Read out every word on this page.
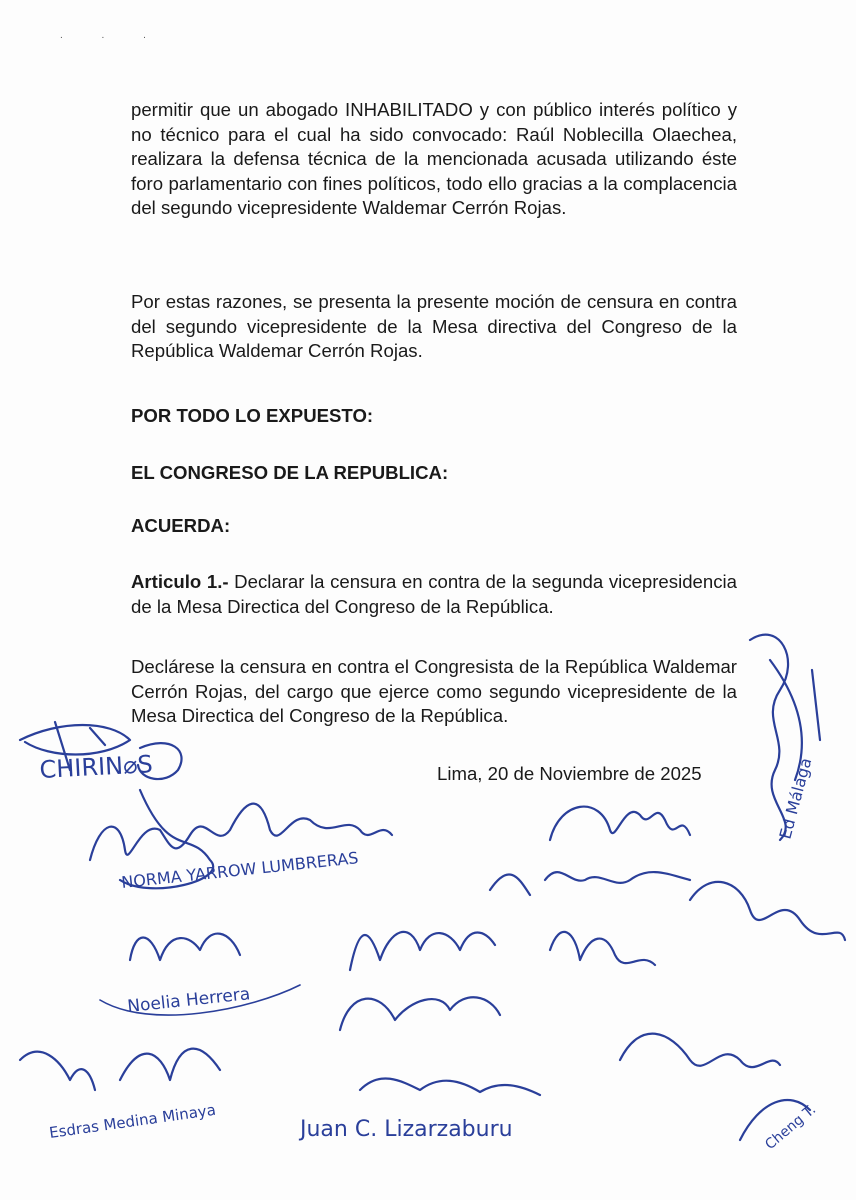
. . .
permitir que un abogado INHABILITADO y con público interés político y no técnico para el cual ha sido convocado: Raúl Noblecilla Olaechea, realizara la defensa técnica de la mencionada acusada utilizando éste foro parlamentario con fines políticos, todo ello gracias a la complacencia del segundo vicepresidente Waldemar Cerrón Rojas.
Por estas razones, se presenta la presente moción de censura en contra del segundo vicepresidente de la Mesa directiva del Congreso de la República Waldemar Cerrón Rojas.
POR TODO LO EXPUESTO:
EL CONGRESO DE LA REPUBLICA:
ACUERDA:
Articulo 1.- Declarar la censura en contra de la segunda vicepresidencia de la Mesa Directica del Congreso de la República.
Declárese la censura en contra el Congresista de la República Waldemar Cerrón Rojas, del cargo que ejerce como segundo vicepresidente de la Mesa Directica del Congreso de la República.
Lima, 20 de Noviembre de 2025
CHIRIN⌀S
NORMA YARROW LUMBRERAS
Ed Málaga
Noelia Herrera
Esdras Medina Minaya	Juan C. Lizarzaburu	Cheng T.
